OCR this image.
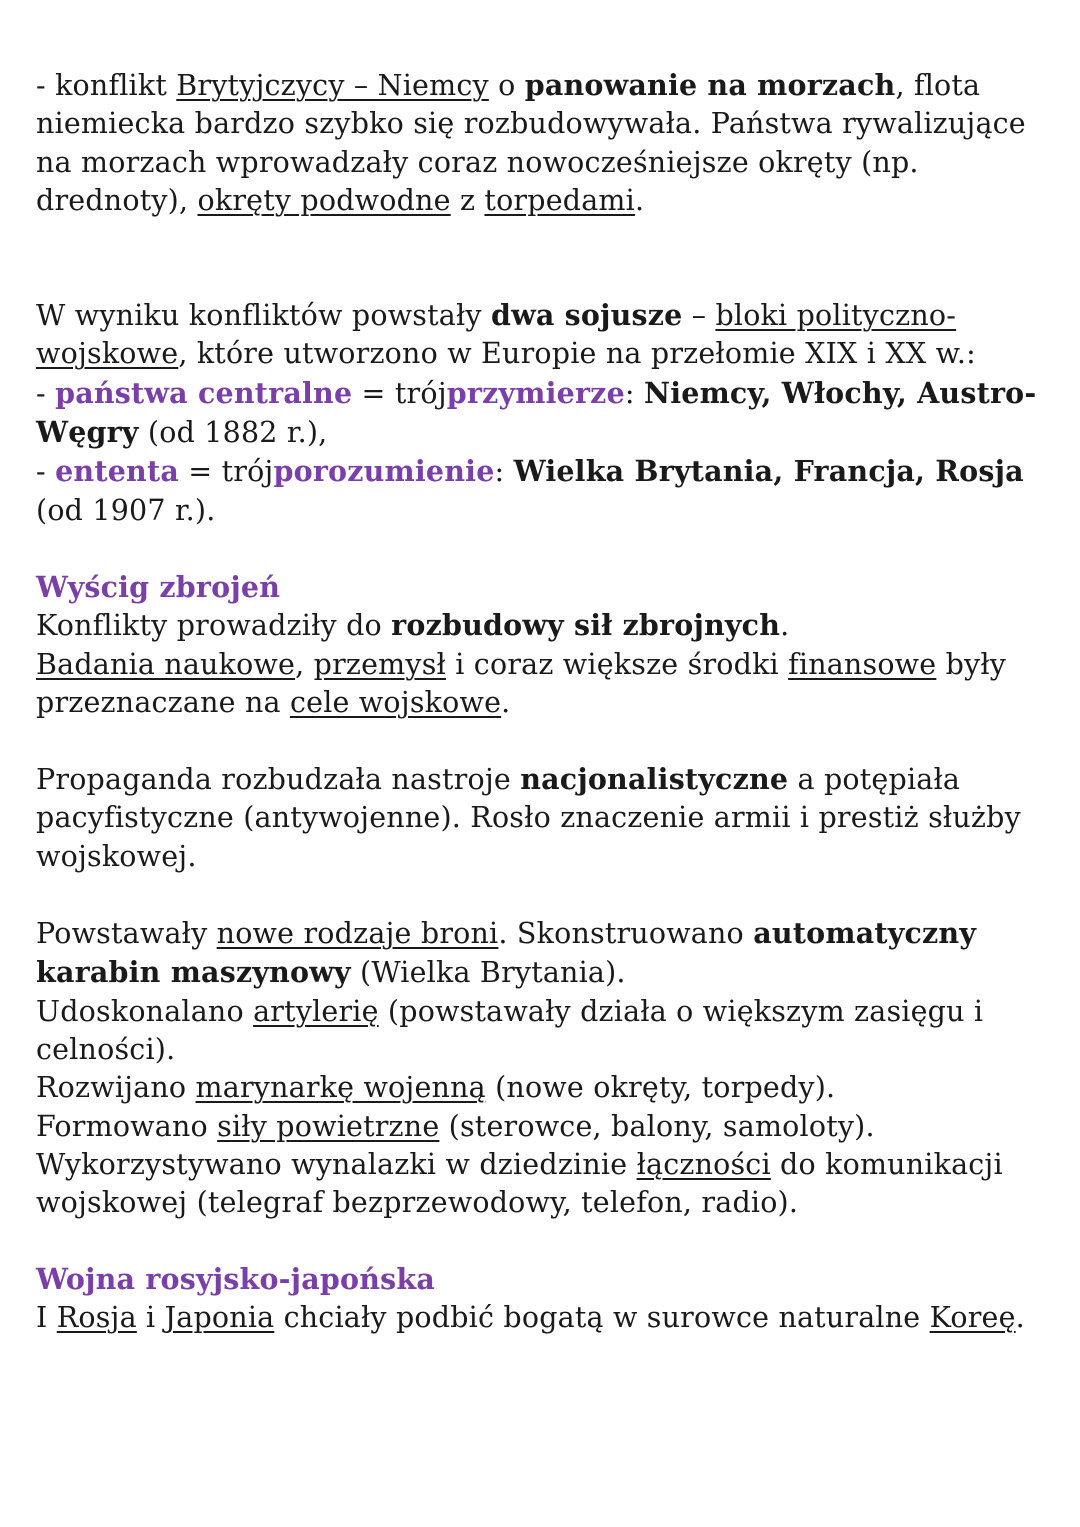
- konflikt Brytyjczycy – Niemcy o panowanie na morzach, flota niemiecka bardzo szybko się rozbudowywała. Państwa rywalizujące na morzach wprowadzały coraz nowocześniejsze okręty (np. drednoty), okręty podwodne z torpedami.

W wyniku konfliktów powstały dwa sojusze – bloki polityczno-wojskowe, które utworzono w Europie na przełomie XIX i XX w.:

- państwa centralne = trójprzymierze: Niemcy, Włochy, Austro-Węgry (od 1882 r.),

- ententa = trójporozumienie: Wielka Brytania, Francja, Rosja (od 1907 r.).

Wyścig zbrojeń

Konflikty prowadziły do rozbudowy sił zbrojnych.

Badania naukowe, przemysł i coraz większe środki finansowe były przeznaczane na cele wojskowe.

Propaganda rozbudzała nastroje nacjonalistyczne a potępiała pacyfistyczne (antywojenne). Rosło znaczenie armii i prestiż służby wojskowej.

Powstawały nowe rodzaje broni. Skonstruowano automatyczny karabin maszynowy (Wielka Brytania).

Udoskonalano artylerię (powstawały działa o większym zasięgu i celności).

Rozwijano marynarkę wojenną (nowe okręty, torpedy).

Formowano siły powietrzne (sterowce, balony, samoloty).

Wykorzystywano wynalazki w dziedzinie łączności do komunikacji wojskowej (telegraf bezprzewodowy, telefon, radio).

Wojna rosyjsko-japońska

I Rosja i Japonia chciały podbić bogatą w surowce naturalne Koreę.
